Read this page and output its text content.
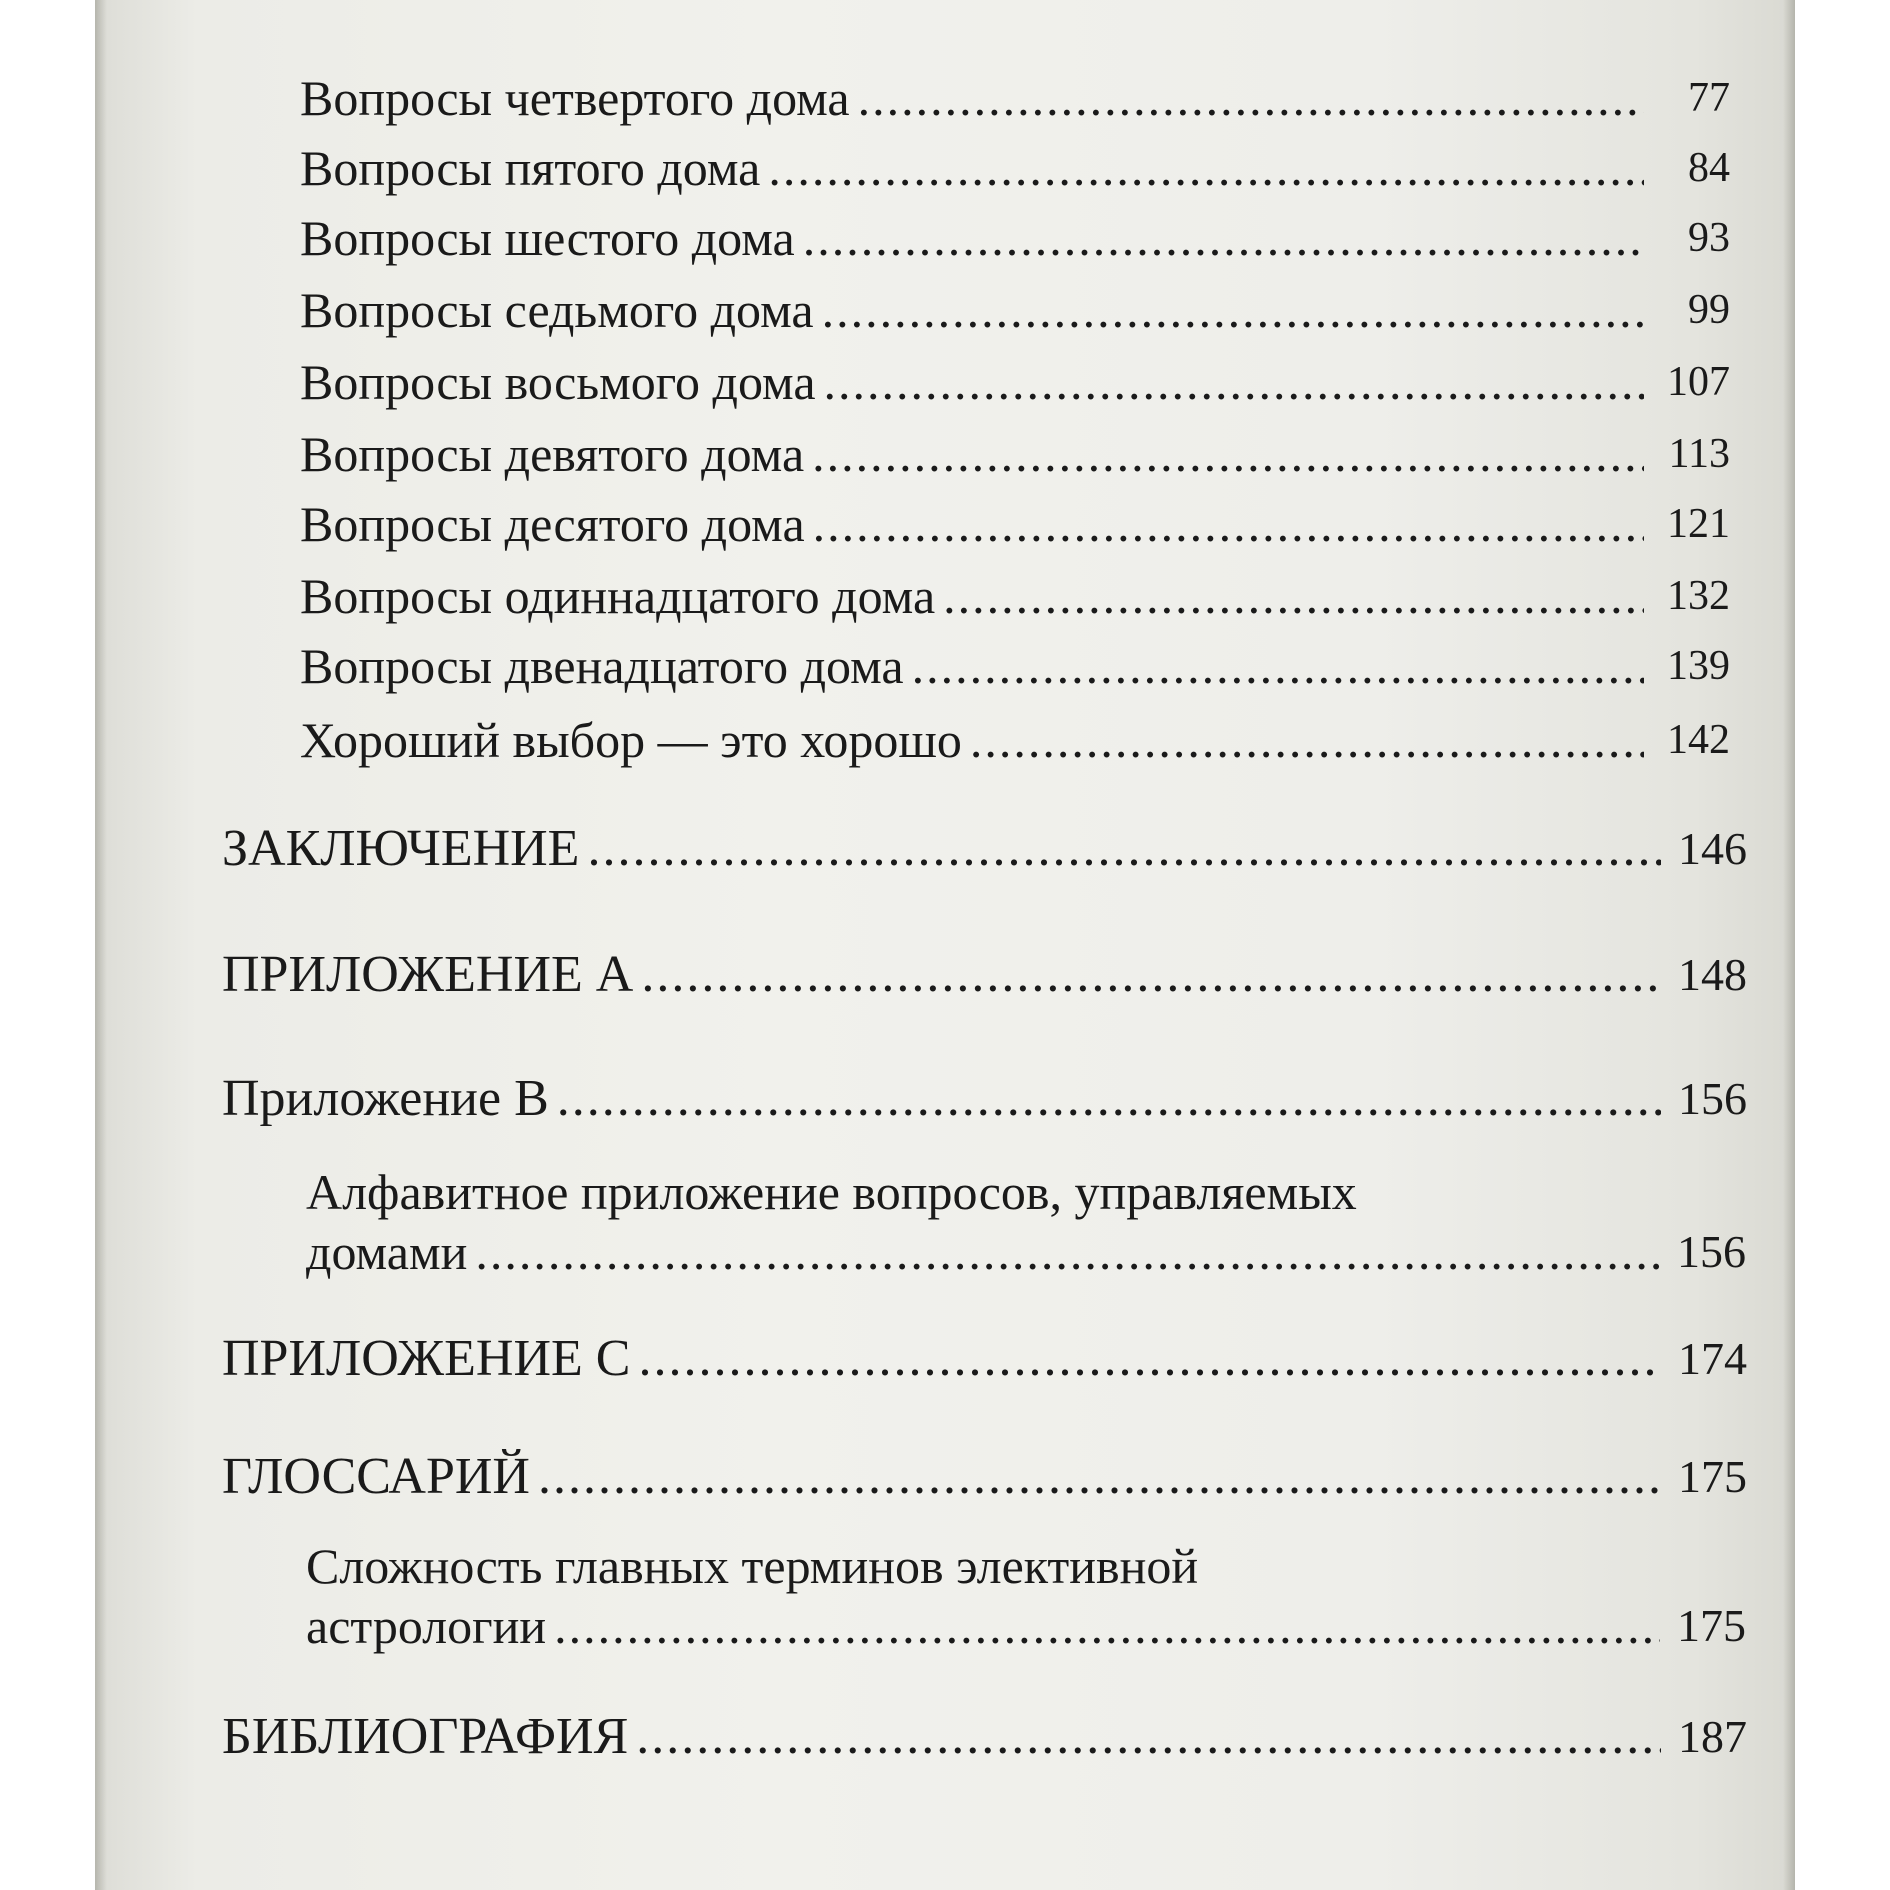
Вопросы четвертого дома .....	77
Вопросы пятого дома .....	84
Вопросы шестого дома .....	93
Вопросы седьмого дома .....	99
Вопросы восьмого дома .....	107
Вопросы девятого дома .....	113
Вопросы десятого дома .....	121
Вопросы одиннадцатого дома .....	132
Вопросы двенадцатого дома .....	139
Хороший выбор — это хорошо .....	142
ЗАКЛЮЧЕНИЕ .....	146
ПРИЛОЖЕНИЕ А .....	148
Приложение В .....	156
Алфавитное приложение вопросов, управляемых
домами .....	156
ПРИЛОЖЕНИЕ С .....	174
ГЛОССАРИЙ .....	175
Сложность главных терминов элективной
астрологии .....	175
БИБЛИОГРАФИЯ .....	187
